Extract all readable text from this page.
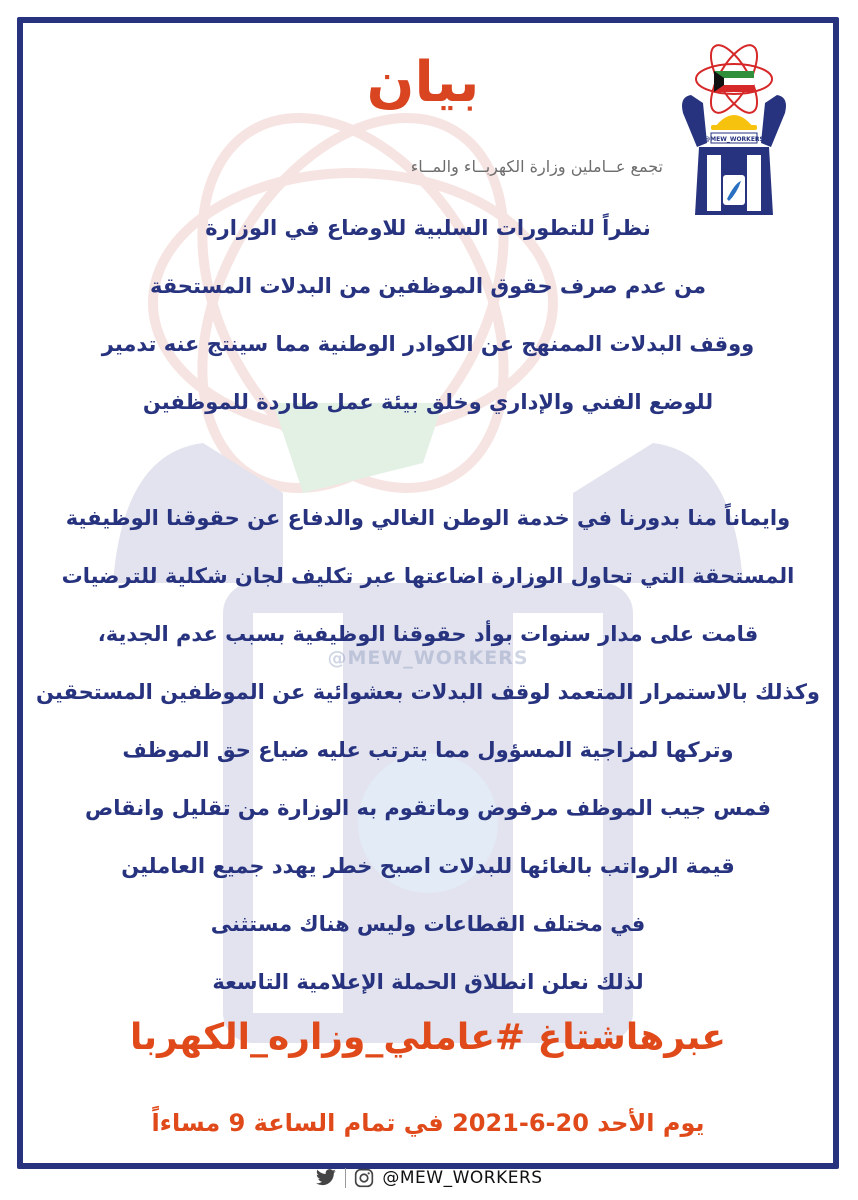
@MEW_WORKERS
بيان
تجمع عــاملين وزارة الكهربــاء والمــاء
@MEW_WORKERS
نظراً للتطورات السلبية للاوضاع في الوزارة
من عدم صرف حقوق الموظفين من البدلات المستحقة
ووقف البدلات الممنهج عن الكوادر الوطنية مما سينتج عنه تدمير
للوضع الفني والإداري وخلق بيئة عمل طاردة للموظفين
وايماناً منا بدورنا في خدمة الوطن الغالي والدفاع عن حقوقنا الوظيفية
المستحقة التي تحاول الوزارة اضاعتها عبر تكليف لجان شكلية للترضيات
قامت على مدار سنوات بوأد حقوقنا الوظيفية بسبب عدم الجدية،
وكذلك بالاستمرار المتعمد لوقف البدلات بعشوائية عن الموظفين المستحقين
وتركها لمزاجية المسؤول مما يترتب عليه ضياع حق الموظف
فمس جيب الموظف مرفوض وماتقوم به الوزارة من تقليل وانقاص
قيمة الرواتب بالغائها للبدلات اصبح خطر يهدد جميع العاملين
في مختلف القطاعات وليس هناك مستثنى
لذلك نعلن انطلاق الحملة الإعلامية التاسعة
عبرهاشتاغ #عاملي_وزاره_الكهربا
يوم الأحد 20-6-2021 في تمام الساعة 9 مساءاً
@MEW_WORKERS
